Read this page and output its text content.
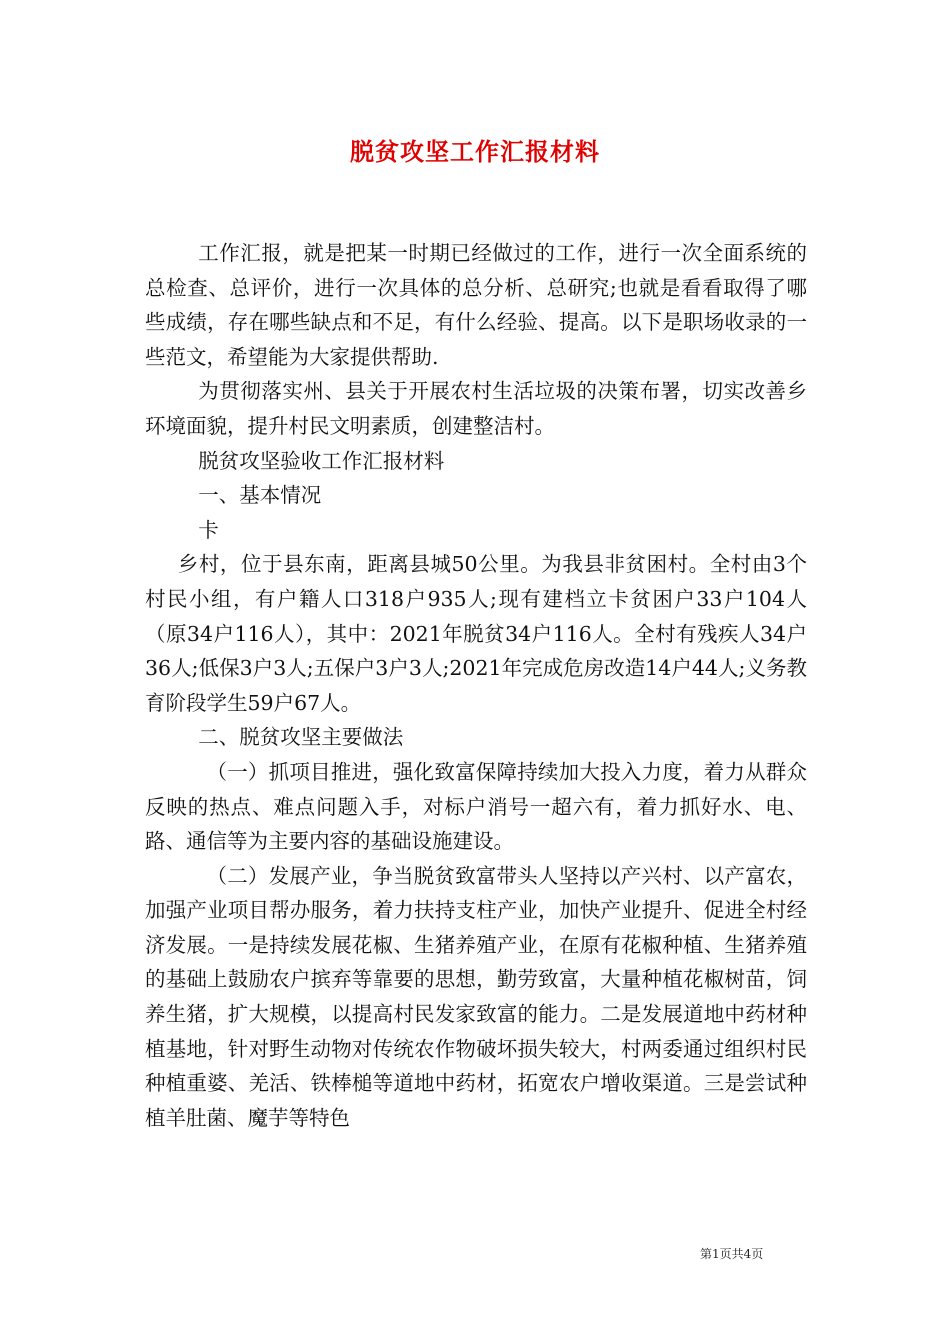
脱贫攻坚工作汇报材料

工作汇报，就是把某一时期已经做过的工作，进行一次全面系统的总检查、总评价，进行一次具体的总分析、总研究;也就是看看取得了哪些成绩，存在哪些缺点和不足，有什么经验、提高。以下是职场收录的一些范文，希望能为大家提供帮助.

为贯彻落实州、县关于开展农村生活垃圾的决策布署，切实改善乡环境面貌，提升村民文明素质，创建整洁村。

脱贫攻坚验收工作汇报材料

一、基本情况

卡

乡村，位于县东南，距离县城50公里。为我县非贫困村。全村由3个村民小组，有户籍人口318户935人;现有建档立卡贫困户33户104人（原34户116人），其中：2021年脱贫34户116人。全村有残疾人34户36人;低保3户3人;五保户3户3人;2021年完成危房改造14户44人;义务教育阶段学生59户67人。

二、脱贫攻坚主要做法

（一）抓项目推进，强化致富保障持续加大投入力度，着力从群众反映的热点、难点问题入手，对标户消号一超六有，着力抓好水、电、路、通信等为主要内容的基础设施建设。

（二）发展产业，争当脱贫致富带头人坚持以产兴村、以产富农，加强产业项目帮办服务，着力扶持支柱产业，加快产业提升、促进全村经济发展。一是持续发展花椒、生猪养殖产业，在原有花椒种植、生猪养殖的基础上鼓励农户摈弃等靠要的思想，勤劳致富，大量种植花椒树苗，饲养生猪，扩大规模，以提高村民发家致富的能力。二是发展道地中药材种植基地，针对野生动物对传统农作物破坏损失较大，村两委通过组织村民种植重婆、羌活、铁棒槌等道地中药材，拓宽农户增收渠道。三是尝试种植羊肚菌、魔芋等特色

第1页共4页
